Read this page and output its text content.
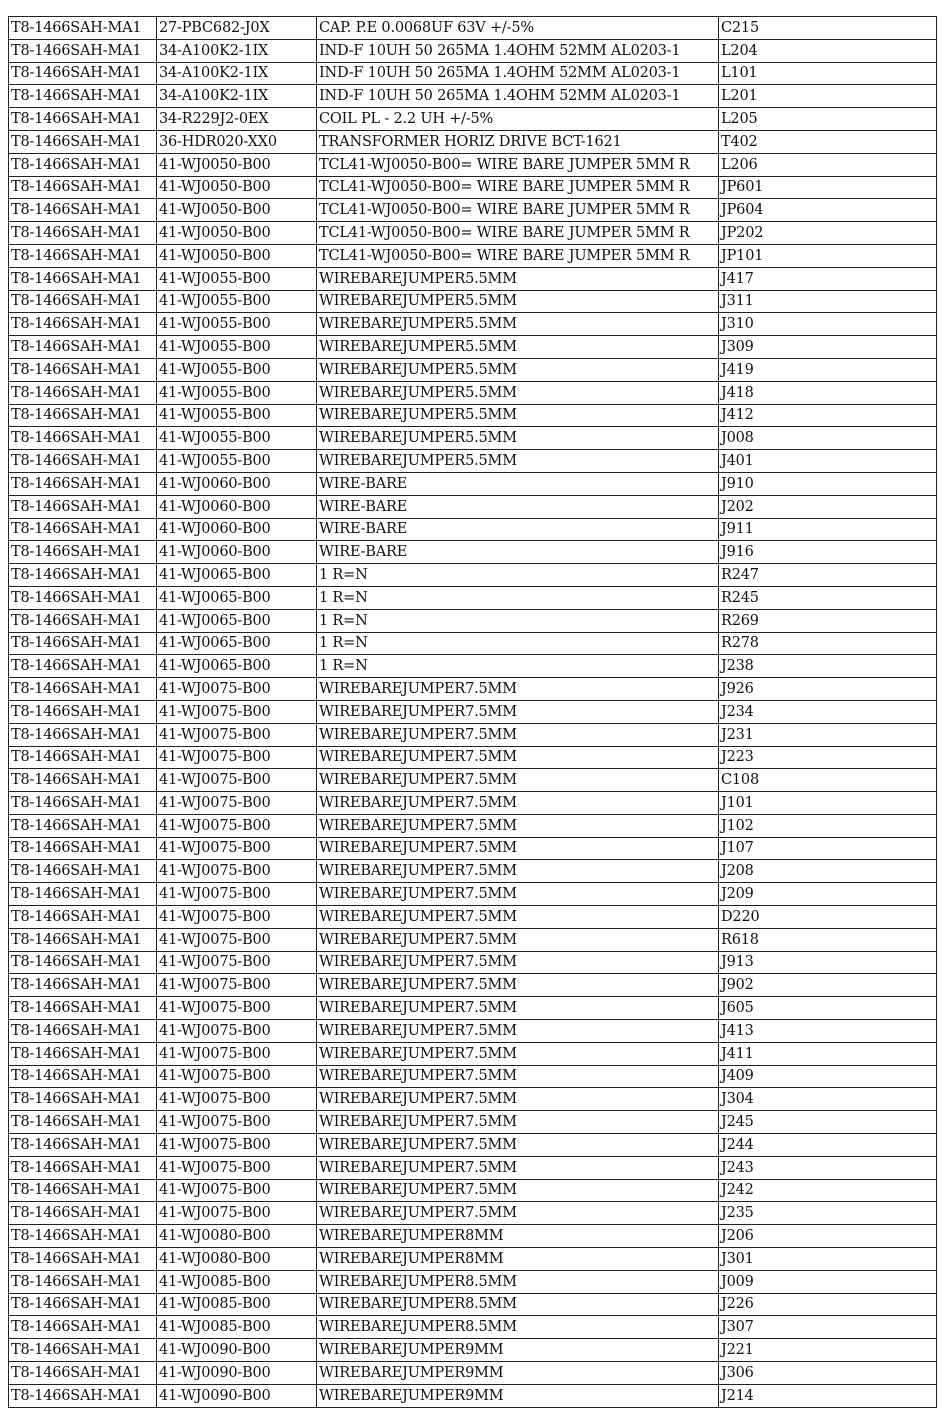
T8-1466SAH-MA1	27-PBC682-J0X	CAP. P.E 0.0068UF 63V +/-5%	C215
T8-1466SAH-MA1	34-A100K2-1IX	IND-F 10UH 50 265MA 1.4OHM 52MM AL0203-1	L204
T8-1466SAH-MA1	34-A100K2-1IX	IND-F 10UH 50 265MA 1.4OHM 52MM AL0203-1	L101
T8-1466SAH-MA1	34-A100K2-1IX	IND-F 10UH 50 265MA 1.4OHM 52MM AL0203-1	L201
T8-1466SAH-MA1	34-R229J2-0EX	COIL PL - 2.2 UH +/-5%	L205
T8-1466SAH-MA1	36-HDR020-XX0	TRANSFORMER HORIZ DRIVE BCT-1621	T402
T8-1466SAH-MA1	41-WJ0050-B00	TCL41-WJ0050-B00= WIRE BARE JUMPER 5MM R	L206
T8-1466SAH-MA1	41-WJ0050-B00	TCL41-WJ0050-B00= WIRE BARE JUMPER 5MM R	JP601
T8-1466SAH-MA1	41-WJ0050-B00	TCL41-WJ0050-B00= WIRE BARE JUMPER 5MM R	JP604
T8-1466SAH-MA1	41-WJ0050-B00	TCL41-WJ0050-B00= WIRE BARE JUMPER 5MM R	JP202
T8-1466SAH-MA1	41-WJ0050-B00	TCL41-WJ0050-B00= WIRE BARE JUMPER 5MM R	JP101
T8-1466SAH-MA1	41-WJ0055-B00	WIREBAREJUMPER5.5MM	J417
T8-1466SAH-MA1	41-WJ0055-B00	WIREBAREJUMPER5.5MM	J311
T8-1466SAH-MA1	41-WJ0055-B00	WIREBAREJUMPER5.5MM	J310
T8-1466SAH-MA1	41-WJ0055-B00	WIREBAREJUMPER5.5MM	J309
T8-1466SAH-MA1	41-WJ0055-B00	WIREBAREJUMPER5.5MM	J419
T8-1466SAH-MA1	41-WJ0055-B00	WIREBAREJUMPER5.5MM	J418
T8-1466SAH-MA1	41-WJ0055-B00	WIREBAREJUMPER5.5MM	J412
T8-1466SAH-MA1	41-WJ0055-B00	WIREBAREJUMPER5.5MM	J008
T8-1466SAH-MA1	41-WJ0055-B00	WIREBAREJUMPER5.5MM	J401
T8-1466SAH-MA1	41-WJ0060-B00	WIRE-BARE	J910
T8-1466SAH-MA1	41-WJ0060-B00	WIRE-BARE	J202
T8-1466SAH-MA1	41-WJ0060-B00	WIRE-BARE	J911
T8-1466SAH-MA1	41-WJ0060-B00	WIRE-BARE	J916
T8-1466SAH-MA1	41-WJ0065-B00	1 R=N	R247
T8-1466SAH-MA1	41-WJ0065-B00	1 R=N	R245
T8-1466SAH-MA1	41-WJ0065-B00	1 R=N	R269
T8-1466SAH-MA1	41-WJ0065-B00	1 R=N	R278
T8-1466SAH-MA1	41-WJ0065-B00	1 R=N	J238
T8-1466SAH-MA1	41-WJ0075-B00	WIREBAREJUMPER7.5MM	J926
T8-1466SAH-MA1	41-WJ0075-B00	WIREBAREJUMPER7.5MM	J234
T8-1466SAH-MA1	41-WJ0075-B00	WIREBAREJUMPER7.5MM	J231
T8-1466SAH-MA1	41-WJ0075-B00	WIREBAREJUMPER7.5MM	J223
T8-1466SAH-MA1	41-WJ0075-B00	WIREBAREJUMPER7.5MM	C108
T8-1466SAH-MA1	41-WJ0075-B00	WIREBAREJUMPER7.5MM	J101
T8-1466SAH-MA1	41-WJ0075-B00	WIREBAREJUMPER7.5MM	J102
T8-1466SAH-MA1	41-WJ0075-B00	WIREBAREJUMPER7.5MM	J107
T8-1466SAH-MA1	41-WJ0075-B00	WIREBAREJUMPER7.5MM	J208
T8-1466SAH-MA1	41-WJ0075-B00	WIREBAREJUMPER7.5MM	J209
T8-1466SAH-MA1	41-WJ0075-B00	WIREBAREJUMPER7.5MM	D220
T8-1466SAH-MA1	41-WJ0075-B00	WIREBAREJUMPER7.5MM	R618
T8-1466SAH-MA1	41-WJ0075-B00	WIREBAREJUMPER7.5MM	J913
T8-1466SAH-MA1	41-WJ0075-B00	WIREBAREJUMPER7.5MM	J902
T8-1466SAH-MA1	41-WJ0075-B00	WIREBAREJUMPER7.5MM	J605
T8-1466SAH-MA1	41-WJ0075-B00	WIREBAREJUMPER7.5MM	J413
T8-1466SAH-MA1	41-WJ0075-B00	WIREBAREJUMPER7.5MM	J411
T8-1466SAH-MA1	41-WJ0075-B00	WIREBAREJUMPER7.5MM	J409
T8-1466SAH-MA1	41-WJ0075-B00	WIREBAREJUMPER7.5MM	J304
T8-1466SAH-MA1	41-WJ0075-B00	WIREBAREJUMPER7.5MM	J245
T8-1466SAH-MA1	41-WJ0075-B00	WIREBAREJUMPER7.5MM	J244
T8-1466SAH-MA1	41-WJ0075-B00	WIREBAREJUMPER7.5MM	J243
T8-1466SAH-MA1	41-WJ0075-B00	WIREBAREJUMPER7.5MM	J242
T8-1466SAH-MA1	41-WJ0075-B00	WIREBAREJUMPER7.5MM	J235
T8-1466SAH-MA1	41-WJ0080-B00	WIREBAREJUMPER8MM	J206
T8-1466SAH-MA1	41-WJ0080-B00	WIREBAREJUMPER8MM	J301
T8-1466SAH-MA1	41-WJ0085-B00	WIREBAREJUMPER8.5MM	J009
T8-1466SAH-MA1	41-WJ0085-B00	WIREBAREJUMPER8.5MM	J226
T8-1466SAH-MA1	41-WJ0085-B00	WIREBAREJUMPER8.5MM	J307
T8-1466SAH-MA1	41-WJ0090-B00	WIREBAREJUMPER9MM	J221
T8-1466SAH-MA1	41-WJ0090-B00	WIREBAREJUMPER9MM	J306
T8-1466SAH-MA1	41-WJ0090-B00	WIREBAREJUMPER9MM	J214
